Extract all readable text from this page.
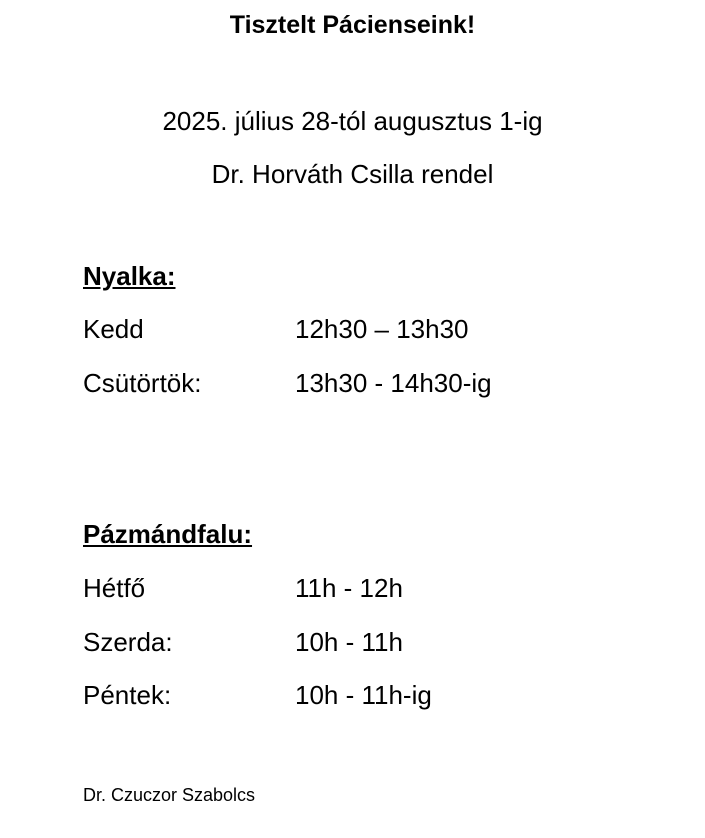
Tisztelt Pácienseink!
2025. július 28-tól augusztus 1-ig
Dr. Horváth Csilla rendel
Nyalka:
Kedd	12h30 – 13h30
Csütörtök:	13h30 - 14h30-ig
Pázmándfalu:
Hétfő	11h - 12h
Szerda:	10h - 11h
Péntek:	10h - 11h-ig
Dr. Czuczor Szabolcs
